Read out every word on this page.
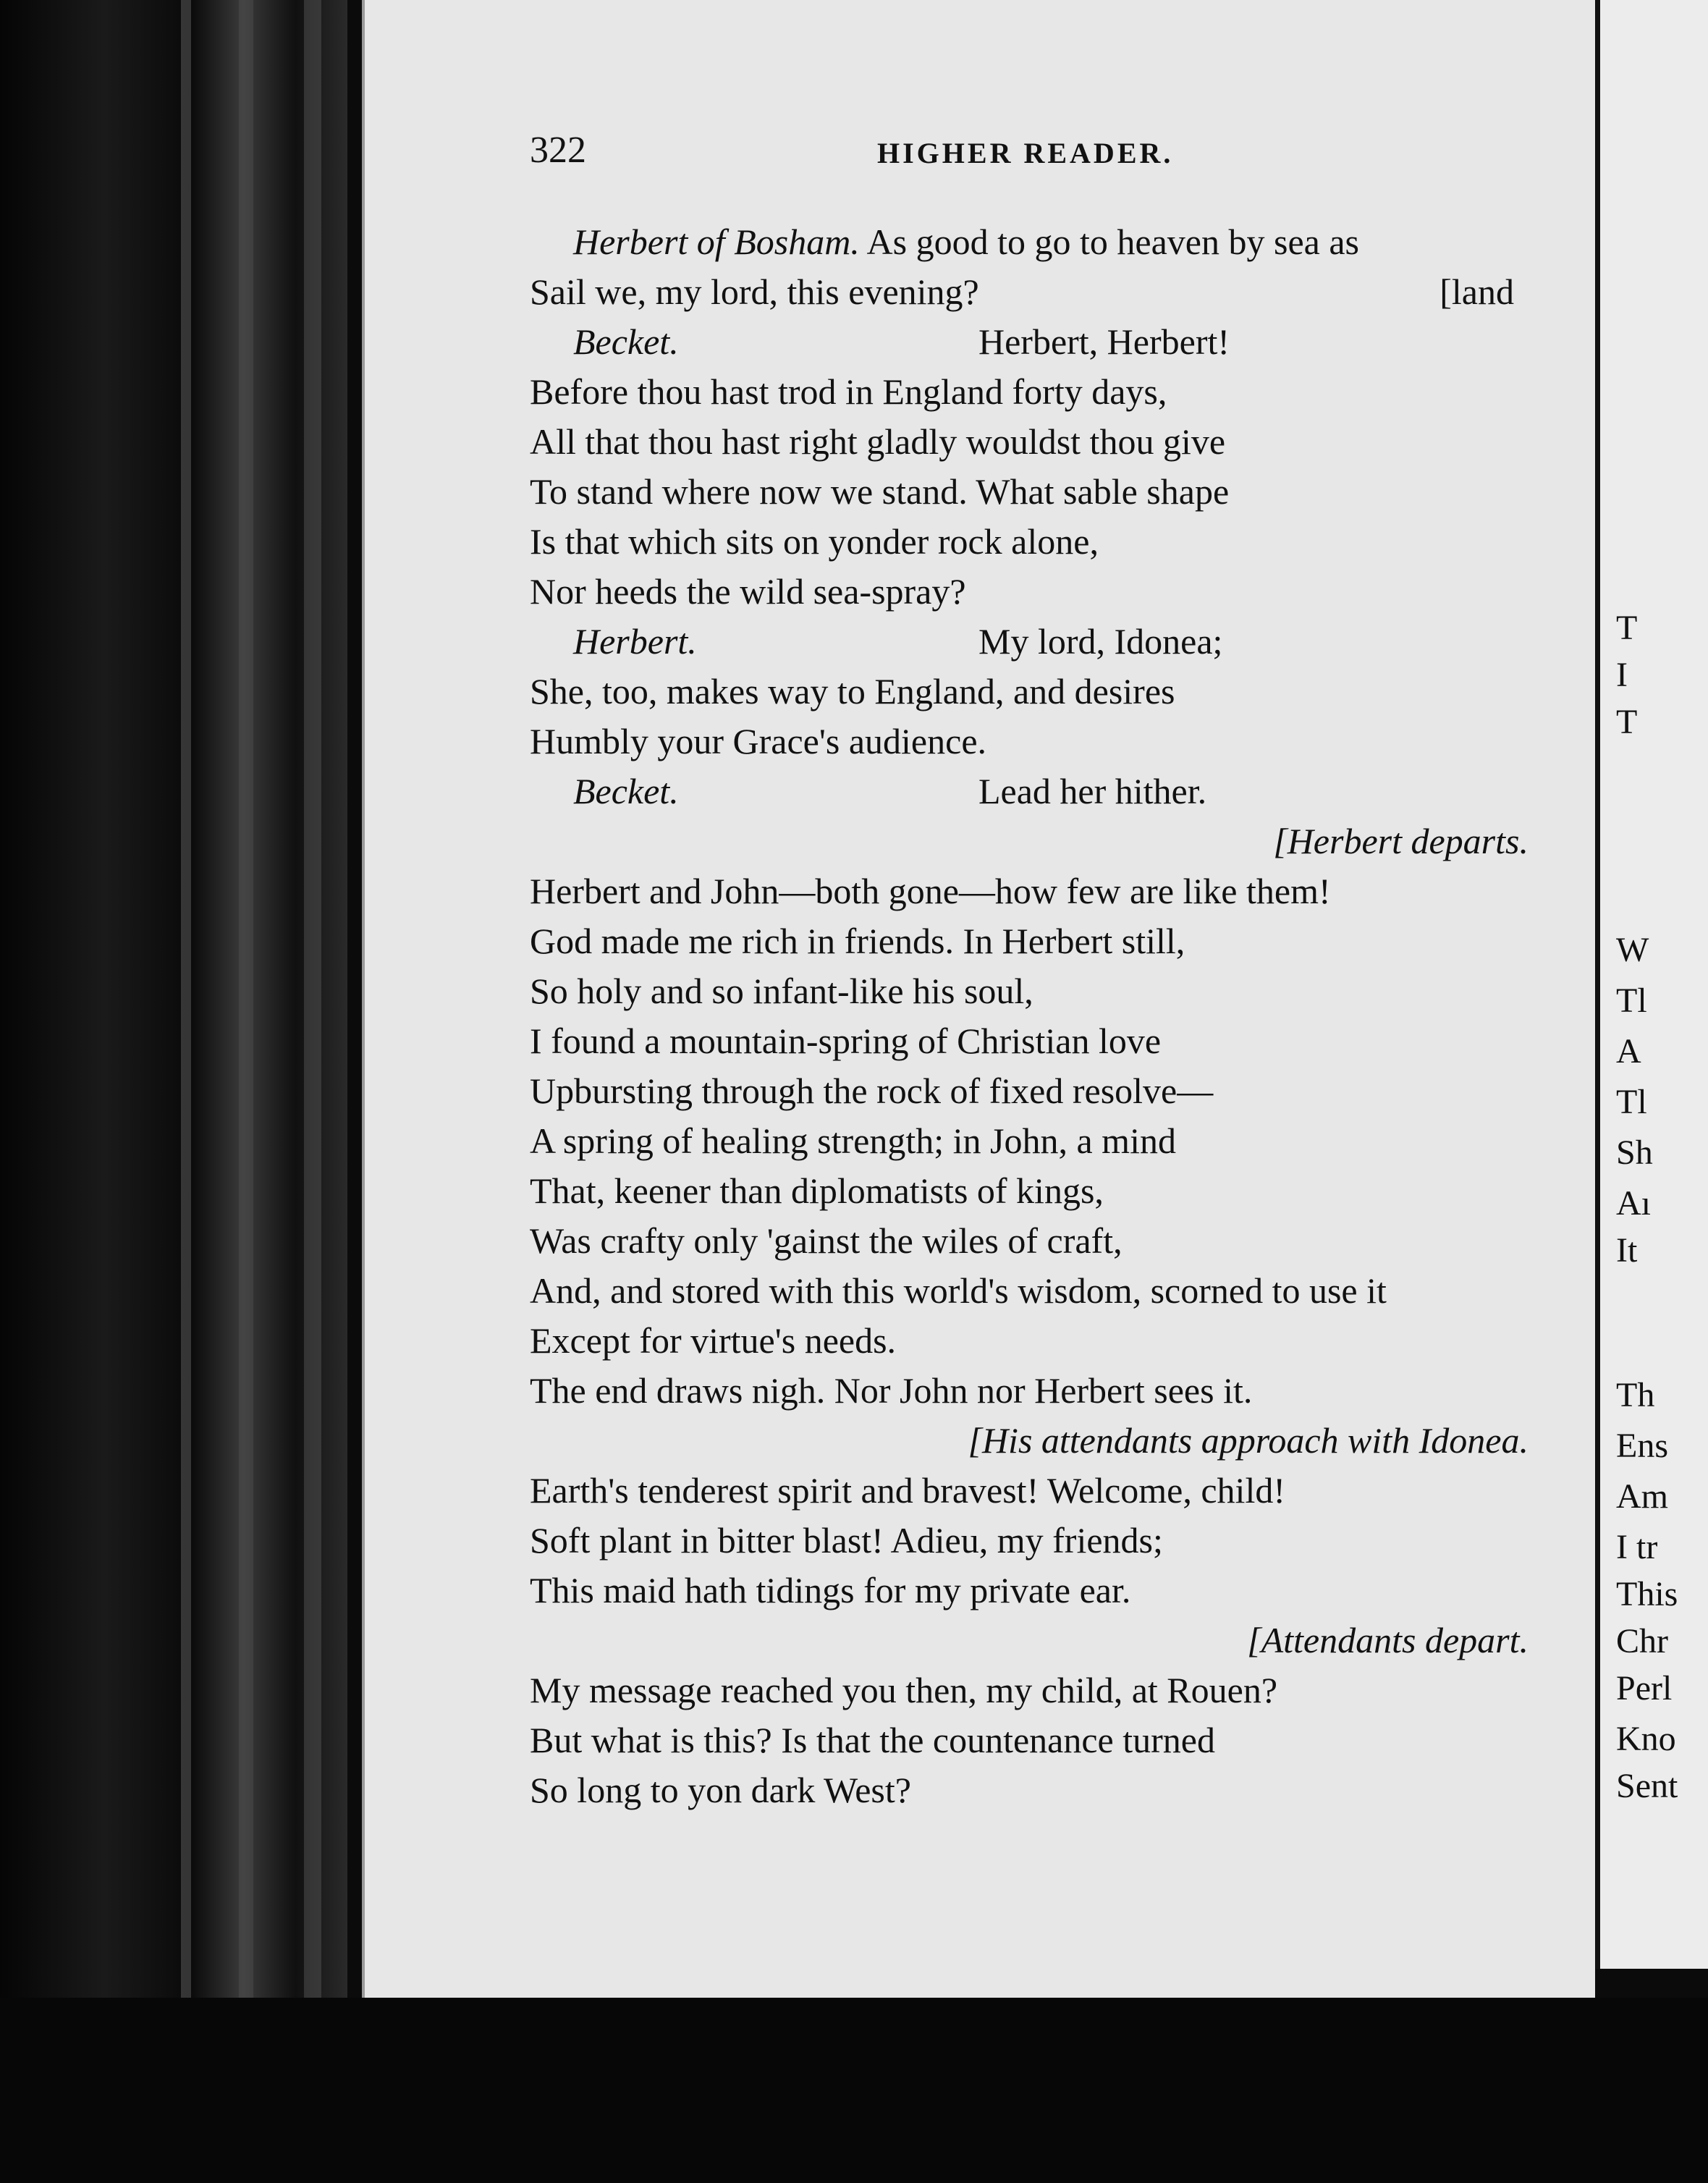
T
I
T
W
Tl
A
Tl
Sh
Aı
It
Th
Ens
Am
I tr
This
Chr
Perl
Kno
Sent
322	HIGHER READER.
Herbert of Bosham. As good to go to heaven by sea as
Sail we, my lord, this evening?	[land
Becket.	Herbert, Herbert!
Before thou hast trod in England forty days,
All that thou hast right gladly wouldst thou give
To stand where now we stand. What sable shape
Is that which sits on yonder rock alone,
Nor heeds the wild sea-spray?
Herbert.	My lord, Idonea;
She, too, makes way to England, and desires
Humbly your Grace's audience.
Becket.	Lead her hither.
[Herbert departs.
Herbert and John—both gone—how few are like them!
God made me rich in friends. In Herbert still,
So holy and so infant-like his soul,
I found a mountain-spring of Christian love
Upbursting through the rock of fixed resolve—
A spring of healing strength; in John, a mind
That, keener than diplomatists of kings,
Was crafty only 'gainst the wiles of craft,
And, and stored with this world's wisdom, scorned to use it
Except for virtue's needs.
The end draws nigh. Nor John nor Herbert sees it.
[His attendants approach with Idonea.
Earth's tenderest spirit and bravest! Welcome, child!
Soft plant in bitter blast! Adieu, my friends;
This maid hath tidings for my private ear.
[Attendants depart.
My message reached you then, my child, at Rouen?
But what is this? Is that the countenance turned
So long to yon dark West?
